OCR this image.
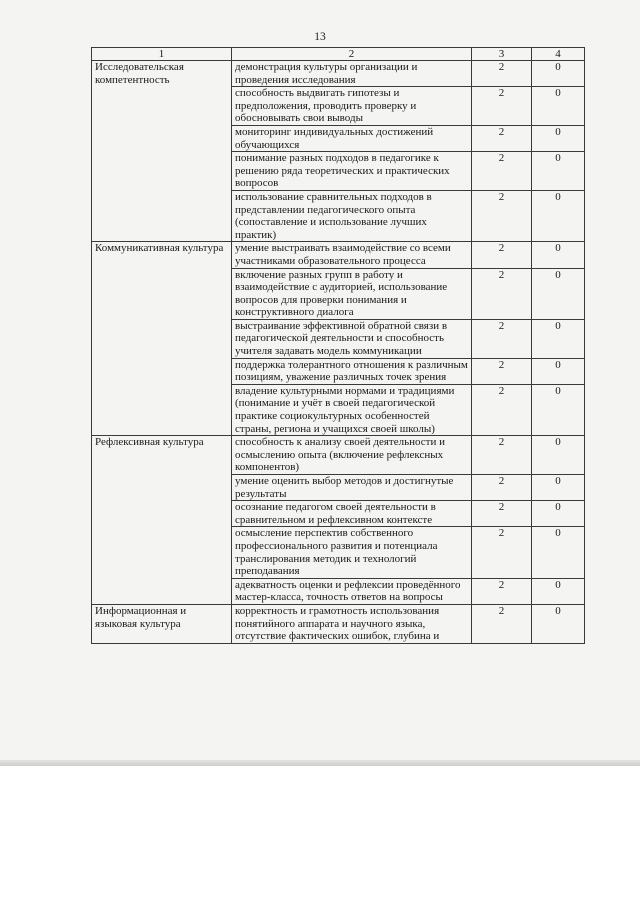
13
1	2	3	4
Исследовательская компетентность	демонстрация культуры организации и проведения исследования	2	0
	способность выдвигать гипотезы и предположения, проводить проверку и обосновывать свои выводы	2	0
	мониторинг индивидуальных достижений обучающихся	2	0
	понимание разных подходов в педагогике к решению ряда теоретических и практических вопросов	2	0
	использование сравнительных подходов в представлении педагогического опыта (сопоставление и использование лучших практик)	2	0
Коммуникативная культура	умение выстраивать взаимодействие со всеми участниками образовательного процесса	2	0
	включение разных групп в работу и взаимодействие с аудиторией, использование вопросов для проверки понимания и конструктивного диалога	2	0
	выстраивание эффективной обратной связи в педагогической деятельности и способность учителя задавать модель коммуникации	2	0
	поддержка толерантного отношения к различным позициям, уважение различных точек зрения	2	0
	владение культурными нормами и традициями (понимание и учёт в своей педагогической практике социокультурных особенностей страны, региона и учащихся своей школы)	2	0
Рефлексивная культура	способность к анализу своей деятельности и осмыслению опыта (включение рефлексных компонентов)	2	0
	умение оценить выбор методов и достигнутые результаты	2	0
	осознание педагогом своей деятельности в сравнительном и рефлексивном контексте	2	0
	осмысление перспектив собственного профессионального развития и потенциала транслирования методик и технологий преподавания	2	0
	адекватность оценки и рефлексии проведённого мастер-класса, точность ответов на вопросы	2	0
Информационная и языковая культура	корректность и грамотность использования понятийного аппарата и научного языка, отсутствие фактических ошибок, глубина и	2	0
